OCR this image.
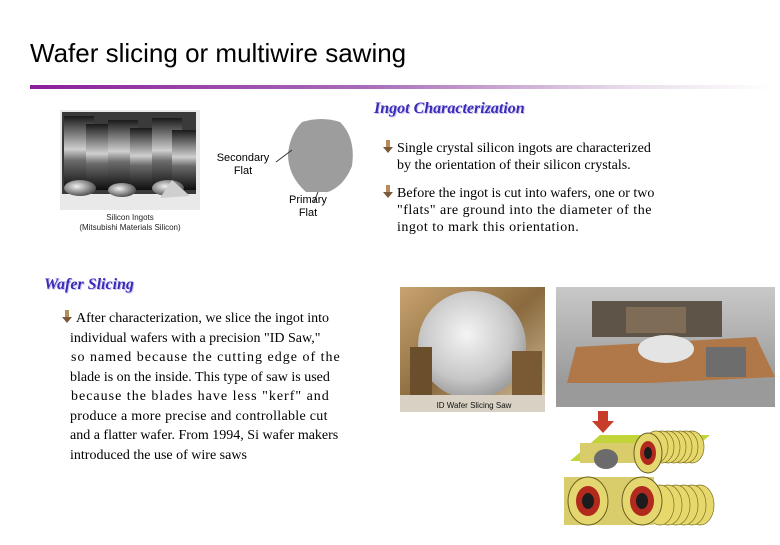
Wafer slicing or multiwire sawing
Ingot Characterization
Silicon Ingots
(Mitsubishi Materials Silicon)
Secondary
Flat
Primary
Flat
Single crystal silicon ingots are characterized
by the orientation of their silicon crystals.
Before the ingot is cut into wafers, one or two
"flats" are ground into the diameter of the
ingot to mark this orientation.
Wafer Slicing
After characterization, we slice the ingot into
individual wafers with a precision "ID Saw,"
so named because the cutting edge of the
blade is on the inside. This type of saw is used
because the blades have less "kerf" and
produce a more precise and controllable cut
and a flatter wafer. From 1994, Si wafer makers
introduced the use of wire saws
ID Wafer Slicing Saw
